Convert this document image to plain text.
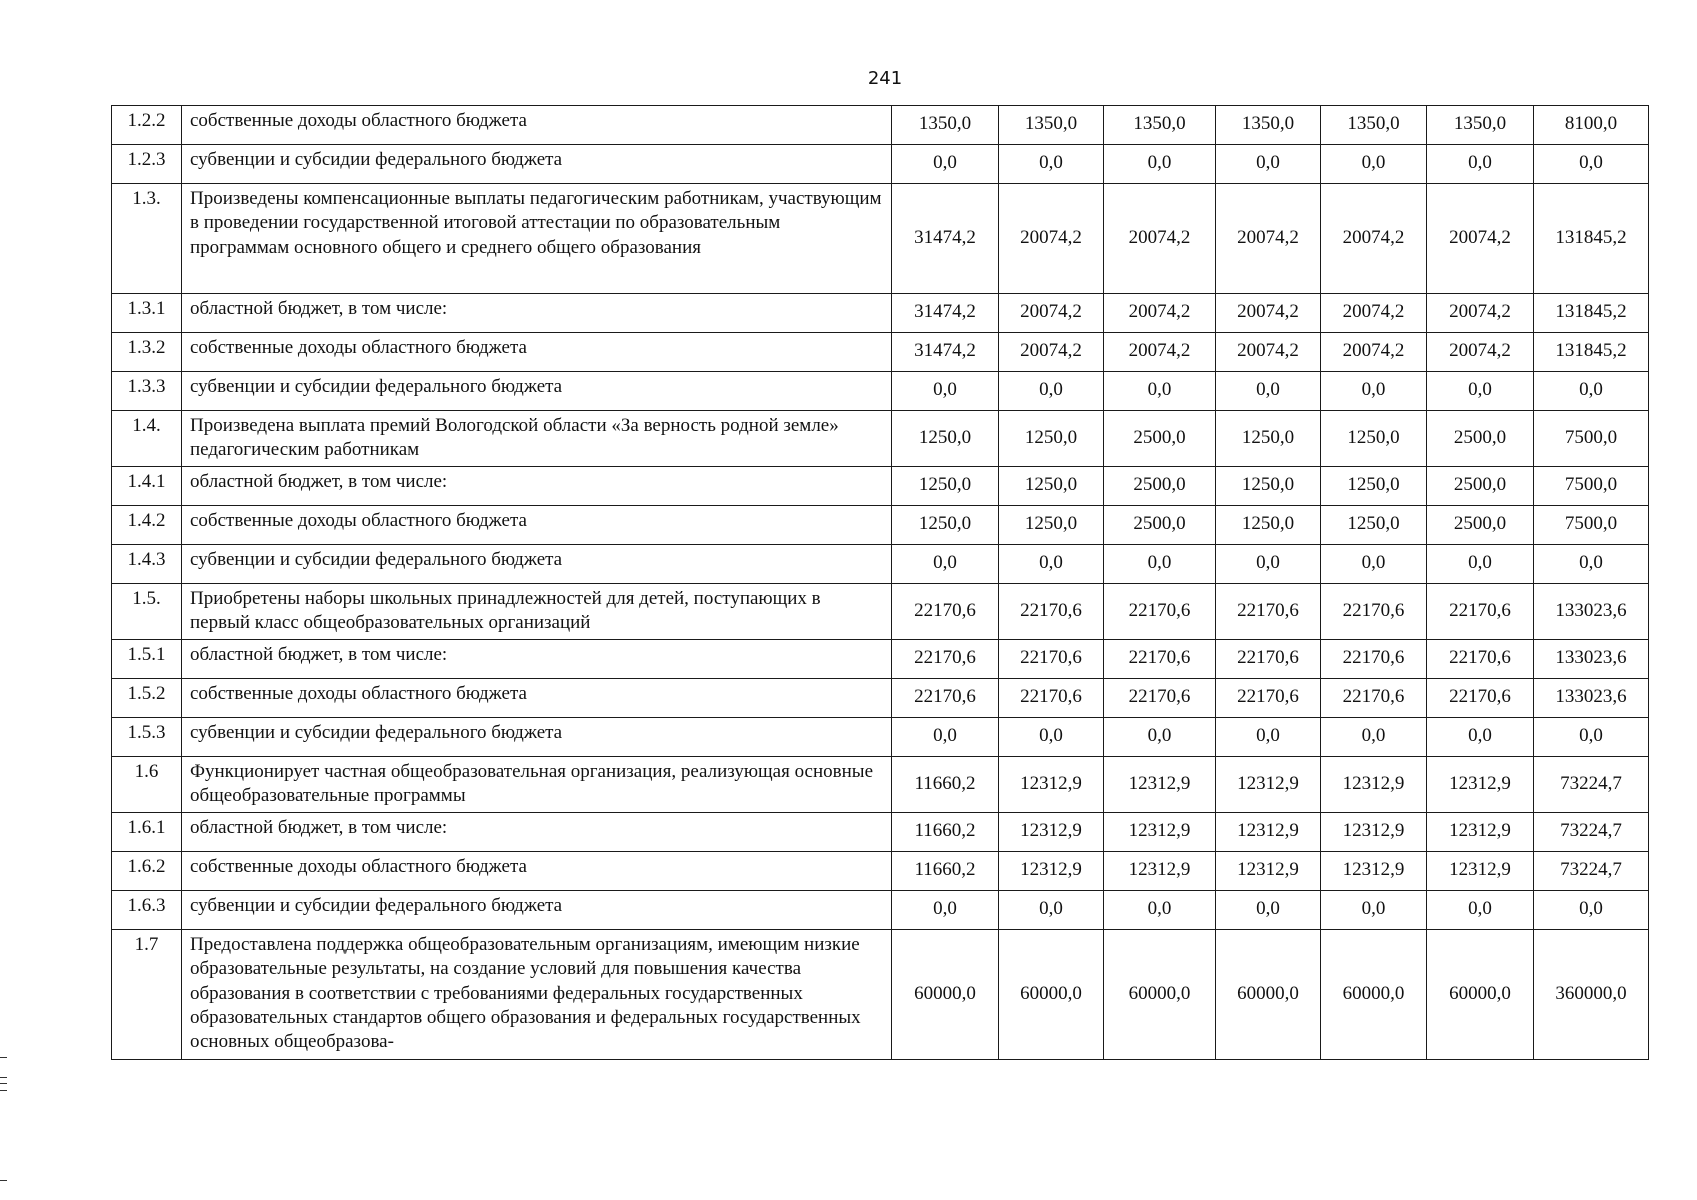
241
1.2.2	собственные доходы областного бюджета	1350,0	1350,0	1350,0	1350,0	1350,0	1350,0	8100,0
1.2.3	субвенции и субсидии федерального бюджета	0,0	0,0	0,0	0,0	0,0	0,0	0,0
1.3.	Произведены компенсационные выплаты педагогическим работникам, участвующим в проведении государственной итоговой аттестации по образовательным программам основного общего и среднего общего образования	31474,2	20074,2	20074,2	20074,2	20074,2	20074,2	131845,2
1.3.1	областной бюджет, в том числе:	31474,2	20074,2	20074,2	20074,2	20074,2	20074,2	131845,2
1.3.2	собственные доходы областного бюджета	31474,2	20074,2	20074,2	20074,2	20074,2	20074,2	131845,2
1.3.3	субвенции и субсидии федерального бюджета	0,0	0,0	0,0	0,0	0,0	0,0	0,0
1.4.	Произведена выплата премий Вологодской области «За верность родной земле» педагогическим работникам	1250,0	1250,0	2500,0	1250,0	1250,0	2500,0	7500,0
1.4.1	областной бюджет, в том числе:	1250,0	1250,0	2500,0	1250,0	1250,0	2500,0	7500,0
1.4.2	собственные доходы областного бюджета	1250,0	1250,0	2500,0	1250,0	1250,0	2500,0	7500,0
1.4.3	субвенции и субсидии федерального бюджета	0,0	0,0	0,0	0,0	0,0	0,0	0,0
1.5.	Приобретены наборы школьных принадлежностей для детей, поступающих в первый класс общеобразовательных организаций	22170,6	22170,6	22170,6	22170,6	22170,6	22170,6	133023,6
1.5.1	областной бюджет, в том числе:	22170,6	22170,6	22170,6	22170,6	22170,6	22170,6	133023,6
1.5.2	собственные доходы областного бюджета	22170,6	22170,6	22170,6	22170,6	22170,6	22170,6	133023,6
1.5.3	субвенции и субсидии федерального бюджета	0,0	0,0	0,0	0,0	0,0	0,0	0,0
1.6	Функционирует частная общеобразовательная организация, реализующая основные общеобразовательные программы	11660,2	12312,9	12312,9	12312,9	12312,9	12312,9	73224,7
1.6.1	областной бюджет, в том числе:	11660,2	12312,9	12312,9	12312,9	12312,9	12312,9	73224,7
1.6.2	собственные доходы областного бюджета	11660,2	12312,9	12312,9	12312,9	12312,9	12312,9	73224,7
1.6.3	субвенции и субсидии федерального бюджета	0,0	0,0	0,0	0,0	0,0	0,0	0,0
1.7	Предоставлена поддержка общеобразовательным организациям, имеющим низкие образовательные результаты, на создание условий для повышения качества образования в соответствии с требованиями федеральных государственных образовательных стандартов общего образования и федеральных государственных основных общеобразова-	60000,0	60000,0	60000,0	60000,0	60000,0	60000,0	360000,0
